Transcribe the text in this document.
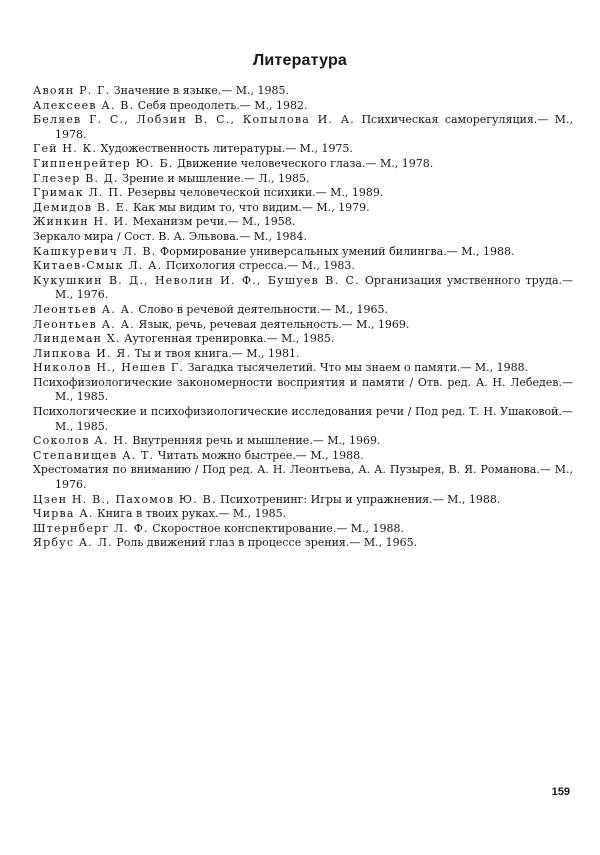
Литература
Авоян Р. Г. Значение в языке.— М., 1985.
Алексеев А. В. Себя преодолеть.— М., 1982.
Беляев Г. С., Лобзин В. С., Копылова И. А. Психическая саморегуляция.— М., 1978.
Гей Н. К. Художественность литературы.— М., 1975.
Гиппенрейтер Ю. Б. Движение человеческого глаза.— М., 1978.
Глезер В. Д. Зрение и мышление.— Л., 1985.
Гримак Л. П. Резервы человеческой психики.— М., 1989.
Демидов В. Е. Как мы видим то, что видим.— М., 1979.
Жинкин Н. И. Механизм речи.— М., 1958.
Зеркало мира / Сост. В. А. Эльвова.— М., 1984.
Кашкуревич Л. В. Формирование универсальных умений билингва.— М., 1988.
Китаев-Смык Л. А. Психология стресса.— М., 1983.
Кукушкин В. Д., Неволин И. Ф., Бушуев В. С. Организация умственного труда.— М., 1976.
Леонтьев А. А. Слово в речевой деятельности.— М., 1965.
Леонтьев А. А. Язык, речь, речевая деятельность.— М., 1969.
Линдеман Х. Аутогенная тренировка.— М., 1985.
Липкова И. Я. Ты и твоя книга.— М., 1981.
Николов Н., Нешев Г. Загадка тысячелетий. Что мы знаем о памяти.— М., 1988.
Психофизиологические закономерности восприятия и памяти / Отв. ред. А. Н. Лебедев.— М., 1985.
Психологические и психофизиологические исследования речи / Под ред. Т. Н. Ушаковой.— М., 1985.
Соколов А. Н. Внутренняя речь и мышление.— М., 1969.
Степанищев А. Т. Читать можно быстрее.— М., 1988.
Хрестоматия по вниманию / Под ред. А. Н. Леонтьева, А. А. Пузырея, В. Я. Романова.— М., 1976.
Цзен Н. В., Пахомов Ю. В. Психотренинг: Игры и упражнения.— М., 1988.
Чирва А. Книга в твоих руках.— М., 1985.
Штернберг Л. Ф. Скоростное конспектирование.— М., 1988.
Ярбус А. Л. Роль движений глаз в процессе зрения.— М., 1965.
159
